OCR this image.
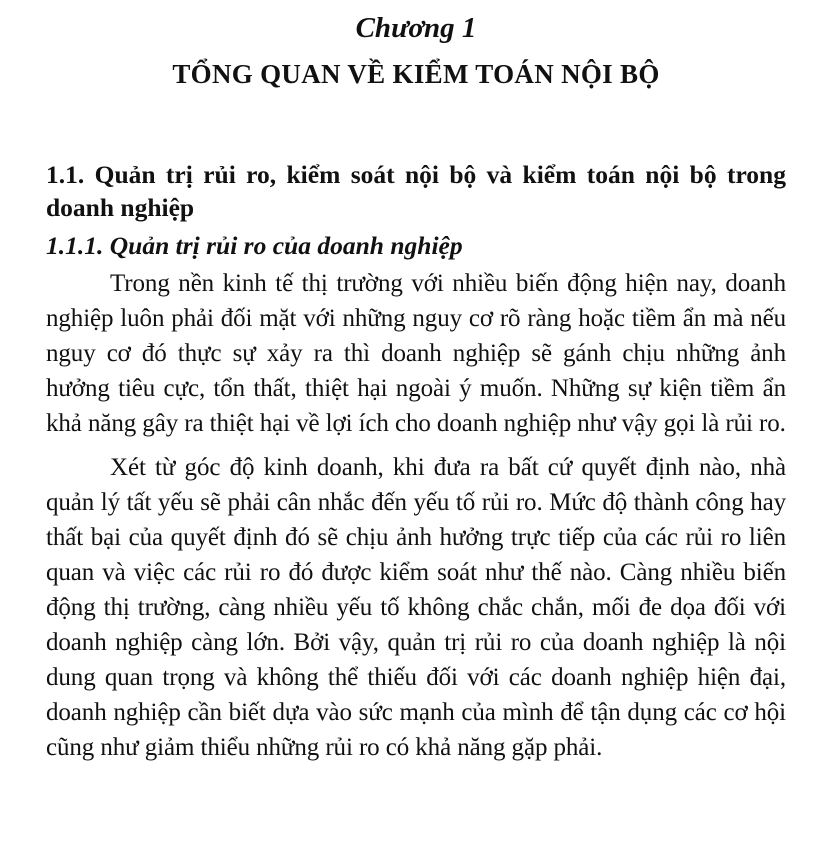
Chương 1
TỔNG QUAN VỀ KIỂM TOÁN NỘI BỘ
1.1. Quản trị rủi ro, kiểm soát nội bộ và kiểm toán nội bộ trong doanh nghiệp
1.1.1. Quản trị rủi ro của doanh nghiệp

Trong nền kinh tế thị trường với nhiều biến động hiện nay, doanh nghiệp luôn phải đối mặt với những nguy cơ rõ ràng hoặc tiềm ẩn mà nếu nguy cơ đó thực sự xảy ra thì doanh nghiệp sẽ gánh chịu những ảnh hưởng tiêu cực, tổn thất, thiệt hại ngoài ý muốn. Những sự kiện tiềm ẩn khả năng gây ra thiệt hại về lợi ích cho doanh nghiệp như vậy gọi là rủi ro.

Xét từ góc độ kinh doanh, khi đưa ra bất cứ quyết định nào, nhà quản lý tất yếu sẽ phải cân nhắc đến yếu tố rủi ro. Mức độ thành công hay thất bại của quyết định đó sẽ chịu ảnh hưởng trực tiếp của các rủi ro liên quan và việc các rủi ro đó được kiểm soát như thế nào. Càng nhiều biến động thị trường, càng nhiều yếu tố không chắc chắn, mối đe dọa đối với doanh nghiệp càng lớn. Bởi vậy, quản trị rủi ro của doanh nghiệp là nội dung quan trọng và không thể thiếu đối với các doanh nghiệp hiện đại, doanh nghiệp cần biết dựa vào sức mạnh của mình để tận dụng các cơ hội cũng như giảm thiểu những rủi ro có khả năng gặp phải.
